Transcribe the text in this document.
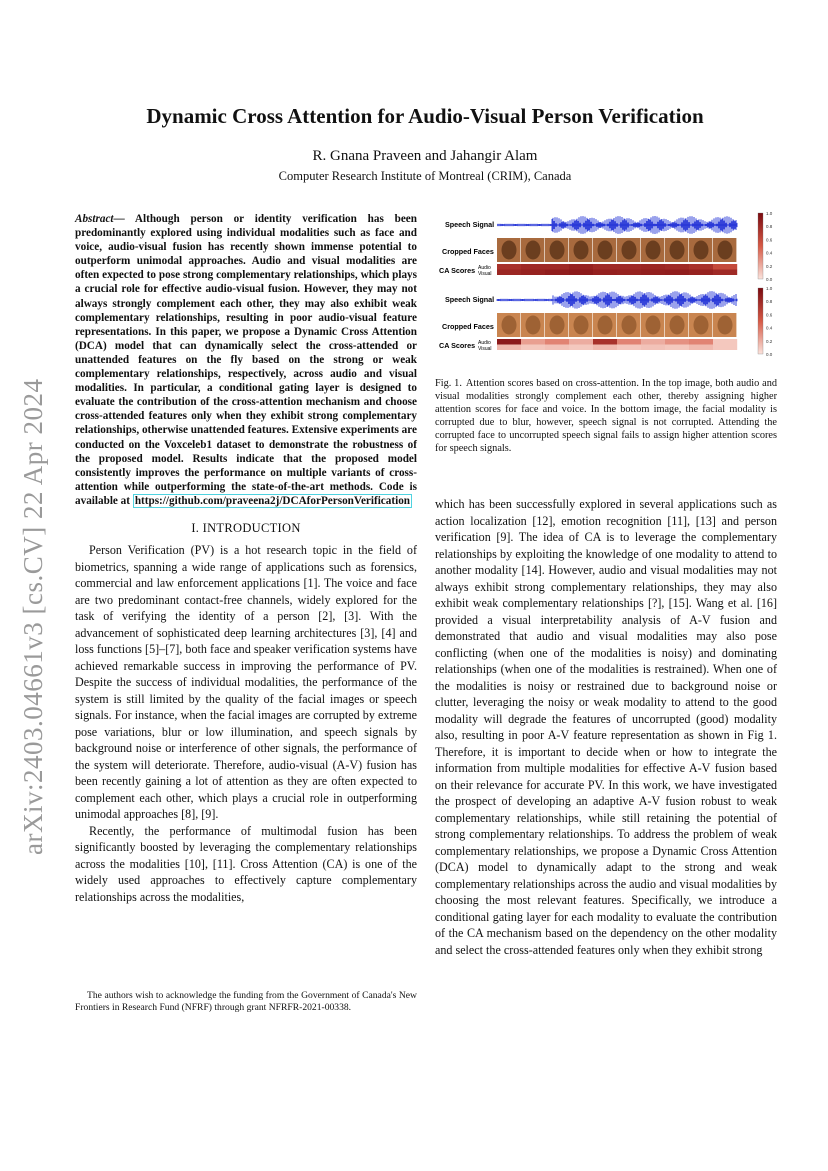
arXiv:2403.04661v3 [cs.CV] 22 Apr 2024
Dynamic Cross Attention for Audio-Visual Person Verification
R. Gnana Praveen and Jahangir Alam
Computer Research Institute of Montreal (CRIM), Canada

Abstract— Although person or identity verification has been predominantly explored using individual modalities such as face and voice, audio-visual fusion has recently shown immense potential to outperform unimodal approaches. Audio and visual modalities are often expected to pose strong complementary relationships, which plays a crucial role for effective audio-visual fusion. However, they may not always strongly complement each other, they may also exhibit weak complementary relationships, resulting in poor audio-visual feature representations. In this paper, we propose a Dynamic Cross Attention (DCA) model that can dynamically select the cross-attended or unattended features on the fly based on the strong or weak complementary relationships, respectively, across audio and visual modalities. In particular, a conditional gating layer is designed to evaluate the contribution of the cross-attention mechanism and choose cross-attended features only when they exhibit strong complementary relationships, otherwise unattended features. Extensive experiments are conducted on the Voxceleb1 dataset to demonstrate the robustness of the proposed model. Results indicate that the proposed model consistently improves the performance on multiple variants of cross-attention while outperforming the state-of-the-art methods. Code is available at https://github.com/praveena2j/DCAforPersonVerification

I. INTRODUCTION

Person Verification (PV) is a hot research topic in the field of biometrics, spanning a wide range of applications such as forensics, commercial and law enforcement applications [1]. The voice and face are two predominant contact-free channels, widely explored for the task of verifying the identity of a person [2], [3]. With the advancement of sophisticated deep learning architectures [3], [4] and loss functions [5]–[7], both face and speaker verification systems have achieved remarkable success in improving the performance of PV. Despite the success of individual modalities, the performance of the system is still limited by the quality of the facial images or speech signals. For instance, when the facial images are corrupted by extreme pose variations, blur or low illumination, and speech signals by background noise or interference of other signals, the performance of the system will deteriorate. Therefore, audio-visual (A-V) fusion has been recently gaining a lot of attention as they are often expected to complement each other, which plays a crucial role in outperforming unimodal approaches [8], [9].

Recently, the performance of multimodal fusion has been significantly boosted by leveraging the complementary relationships across the modalities [10], [11]. Cross Attention (CA) is one of the widely used approaches to effectively capture complementary relationships across the modalities,

The authors wish to acknowledge the funding from the Government of Canada's New Frontiers in Research Fund (NFRF) through grant NFRFR-2021-00338.
Speech Signal
Cropped Faces
CA Scores Audio
Visual
1.0
0.8
0.6
0.4
0.2
0.0
Speech Signal
Cropped Faces
CA Scores Audio
Visual
1.0
0.8
0.6
0.4
0.2
0.0
Fig. 1. Attention scores based on cross-attention. In the top image, both audio and visual modalities strongly complement each other, thereby assigning higher attention scores for face and voice. In the bottom image, the facial modality is corrupted due to blur, however, speech signal is not corrupted. Attending the corrupted face to uncorrupted speech signal fails to assign higher attention scores for speech signals.

which has been successfully explored in several applications such as action localization [12], emotion recognition [11], [13] and person verification [9]. The idea of CA is to leverage the complementary relationships by exploiting the knowledge of one modality to attend to another modality [14]. However, audio and visual modalities may not always exhibit strong complementary relationships, they may also exhibit weak complementary relationships [?], [15]. Wang et al. [16] provided a visual interpretability analysis of A-V fusion and demonstrated that audio and visual modalities may also pose conflicting (when one of the modalities is noisy) and dominating relationships (when one of the modalities is restrained). When one of the modalities is noisy or restrained due to background noise or clutter, leveraging the noisy or weak modality to attend to the good modality will degrade the features of uncorrupted (good) modality also, resulting in poor A-V feature representation as shown in Fig 1. Therefore, it is important to decide when or how to integrate the information from multiple modalities for effective A-V fusion based on their relevance for accurate PV. In this work, we have investigated the prospect of developing an adaptive A-V fusion robust to weak complementary relationships, while still retaining the potential of strong complementary relationships. To address the problem of weak complementary relationships, we propose a Dynamic Cross Attention (DCA) model to dynamically adapt to the strong and weak complementary relationships across the audio and visual modalities by choosing the most relevant features. Specifically, we introduce a conditional gating layer for each modality to evaluate the contribution of the CA mechanism based on the dependency on the other modality and select the cross-attended features only when they exhibit strong
